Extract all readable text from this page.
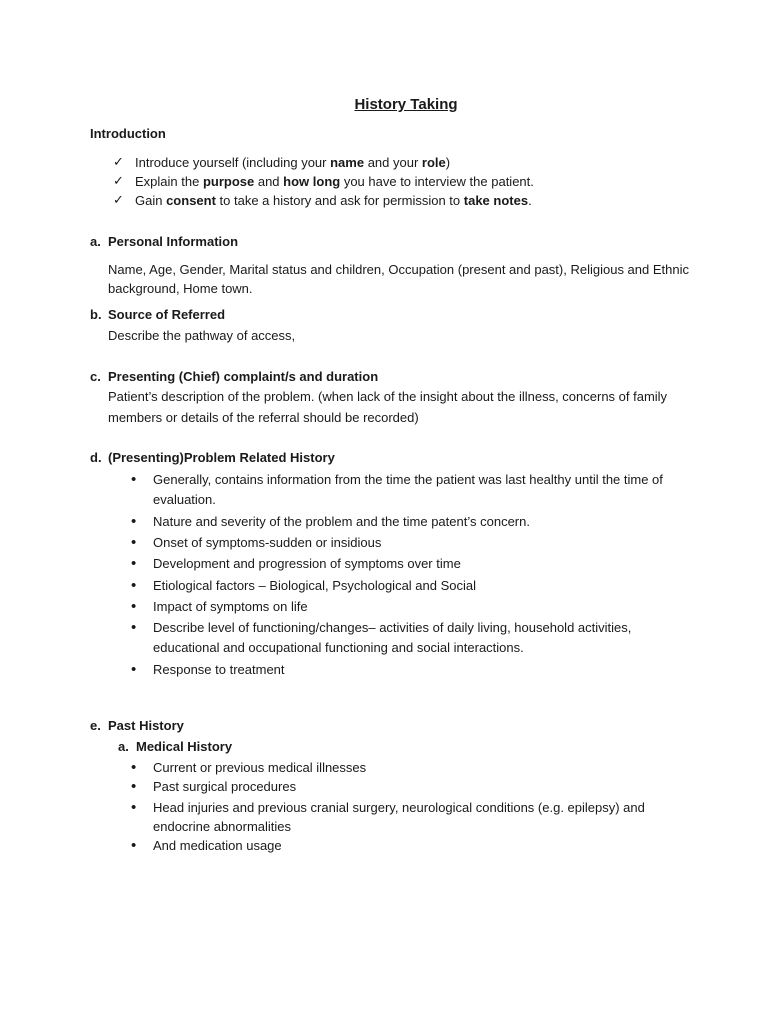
History Taking
Introduction
✓ Introduce yourself (including your name and your role)
✓ Explain the purpose and how long you have to interview the patient.
✓ Gain consent to take a history and ask for permission to take notes.
a. Personal Information
Name, Age, Gender, Marital status and children, Occupation (present and past), Religious and Ethnic
background, Home town.
b. Source of Referred
Describe the pathway of access,
c. Presenting (Chief) complaint/s and duration
Patient’s description of the problem. (when lack of the insight about the illness, concerns of family
members or details of the referral should be recorded)
d. (Presenting)Problem Related History
• Generally, contains information from the time the patient was last healthy until the time of
evaluation.
• Nature and severity of the problem and the time patent’s concern.
• Onset of symptoms-sudden or insidious
• Development and progression of symptoms over time
• Etiological factors – Biological, Psychological and Social
• Impact of symptoms on life
• Describe level of functioning/changes– activities of daily living, household activities,
educational and occupational functioning and social interactions.
• Response to treatment
e. Past History
a. Medical History
• Current or previous medical illnesses
• Past surgical procedures
• Head injuries and previous cranial surgery, neurological conditions (e.g. epilepsy) and
endocrine abnormalities
• And medication usage
